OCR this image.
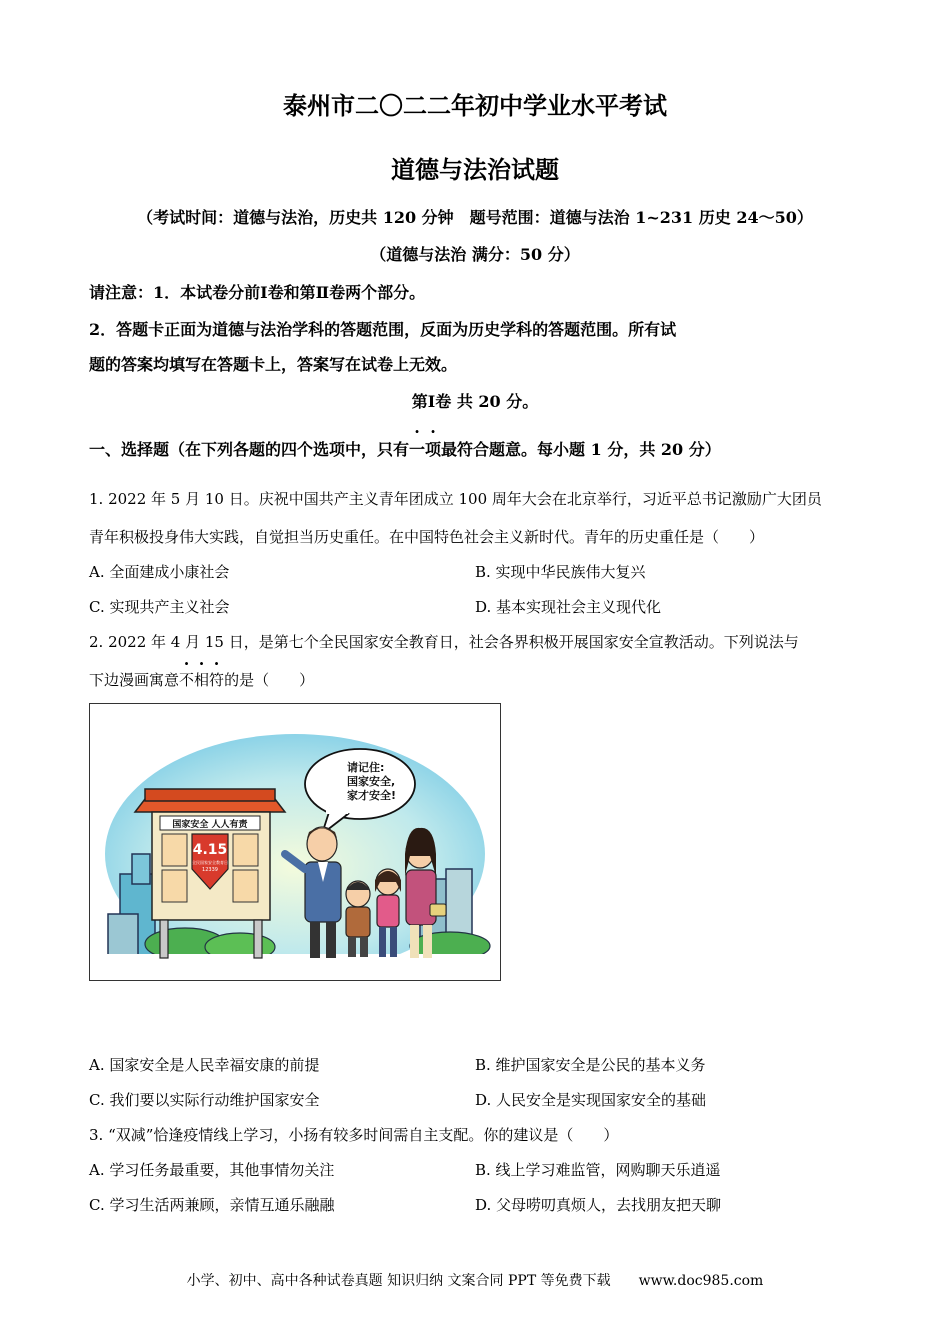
泰州市二〇二二年初中学业水平考试
道德与法治试题
（考试时间：道德与法治，历史共 120 分钟　题号范围：道德与法治 1~231 历史 24～50）
（道德与法治 满分：50 分）
请注意：1．本试卷分前Ⅰ卷和第Ⅱ卷两个部分。
2．答题卡正面为道德与法治学科的答题范围，反面为历史学科的答题范围。所有试
题的答案均填写在答题卡上，答案写在试卷上无效。
第Ⅰ卷 共 20 分。
一、选择题（在下列各题的四个选项中，只有一项最符合题意。每小题 1 分，共 20 分）
1. 2022 年 5 月 10 日。庆祝中国共产主义青年团成立 100 周年大会在北京举行，习近平总书记激励广大团员
青年积极投身伟大实践，自觉担当历史重任。在中国特色社会主义新时代。青年的历史重任是（　　）
A. 全面建成小康社会	B. 实现中华民族伟大复兴
C. 实现共产主义社会	D. 基本实现社会主义现代化
2. 2022 年 4 月 15 日，是第七个全民国家安全教育日，社会各界积极开展国家安全宣教活动。下列说法与
下边漫画寓意不相符的是（　　）
国家安全 人人有责
4.15
全民国家安全教育日
12339
请记住:
国家安全,
家才安全!
A. 国家安全是人民幸福安康的前提	B. 维护国家安全是公民的基本义务
C. 我们要以实际行动维护国家安全	D. 人民安全是实现国家安全的基础
3. “双减”恰逢疫情线上学习，小扬有较多时间需自主支配。你的建议是（　　）
A. 学习任务最重要，其他事情勿关注	B. 线上学习难监管，网购聊天乐逍遥
C. 学习生活两兼顾，亲情互通乐融融	D. 父母唠叨真烦人，去找朋友把天聊
小学、初中、高中各种试卷真题 知识归纳 文案合同 PPT 等免费下载　　www.doc985.com
